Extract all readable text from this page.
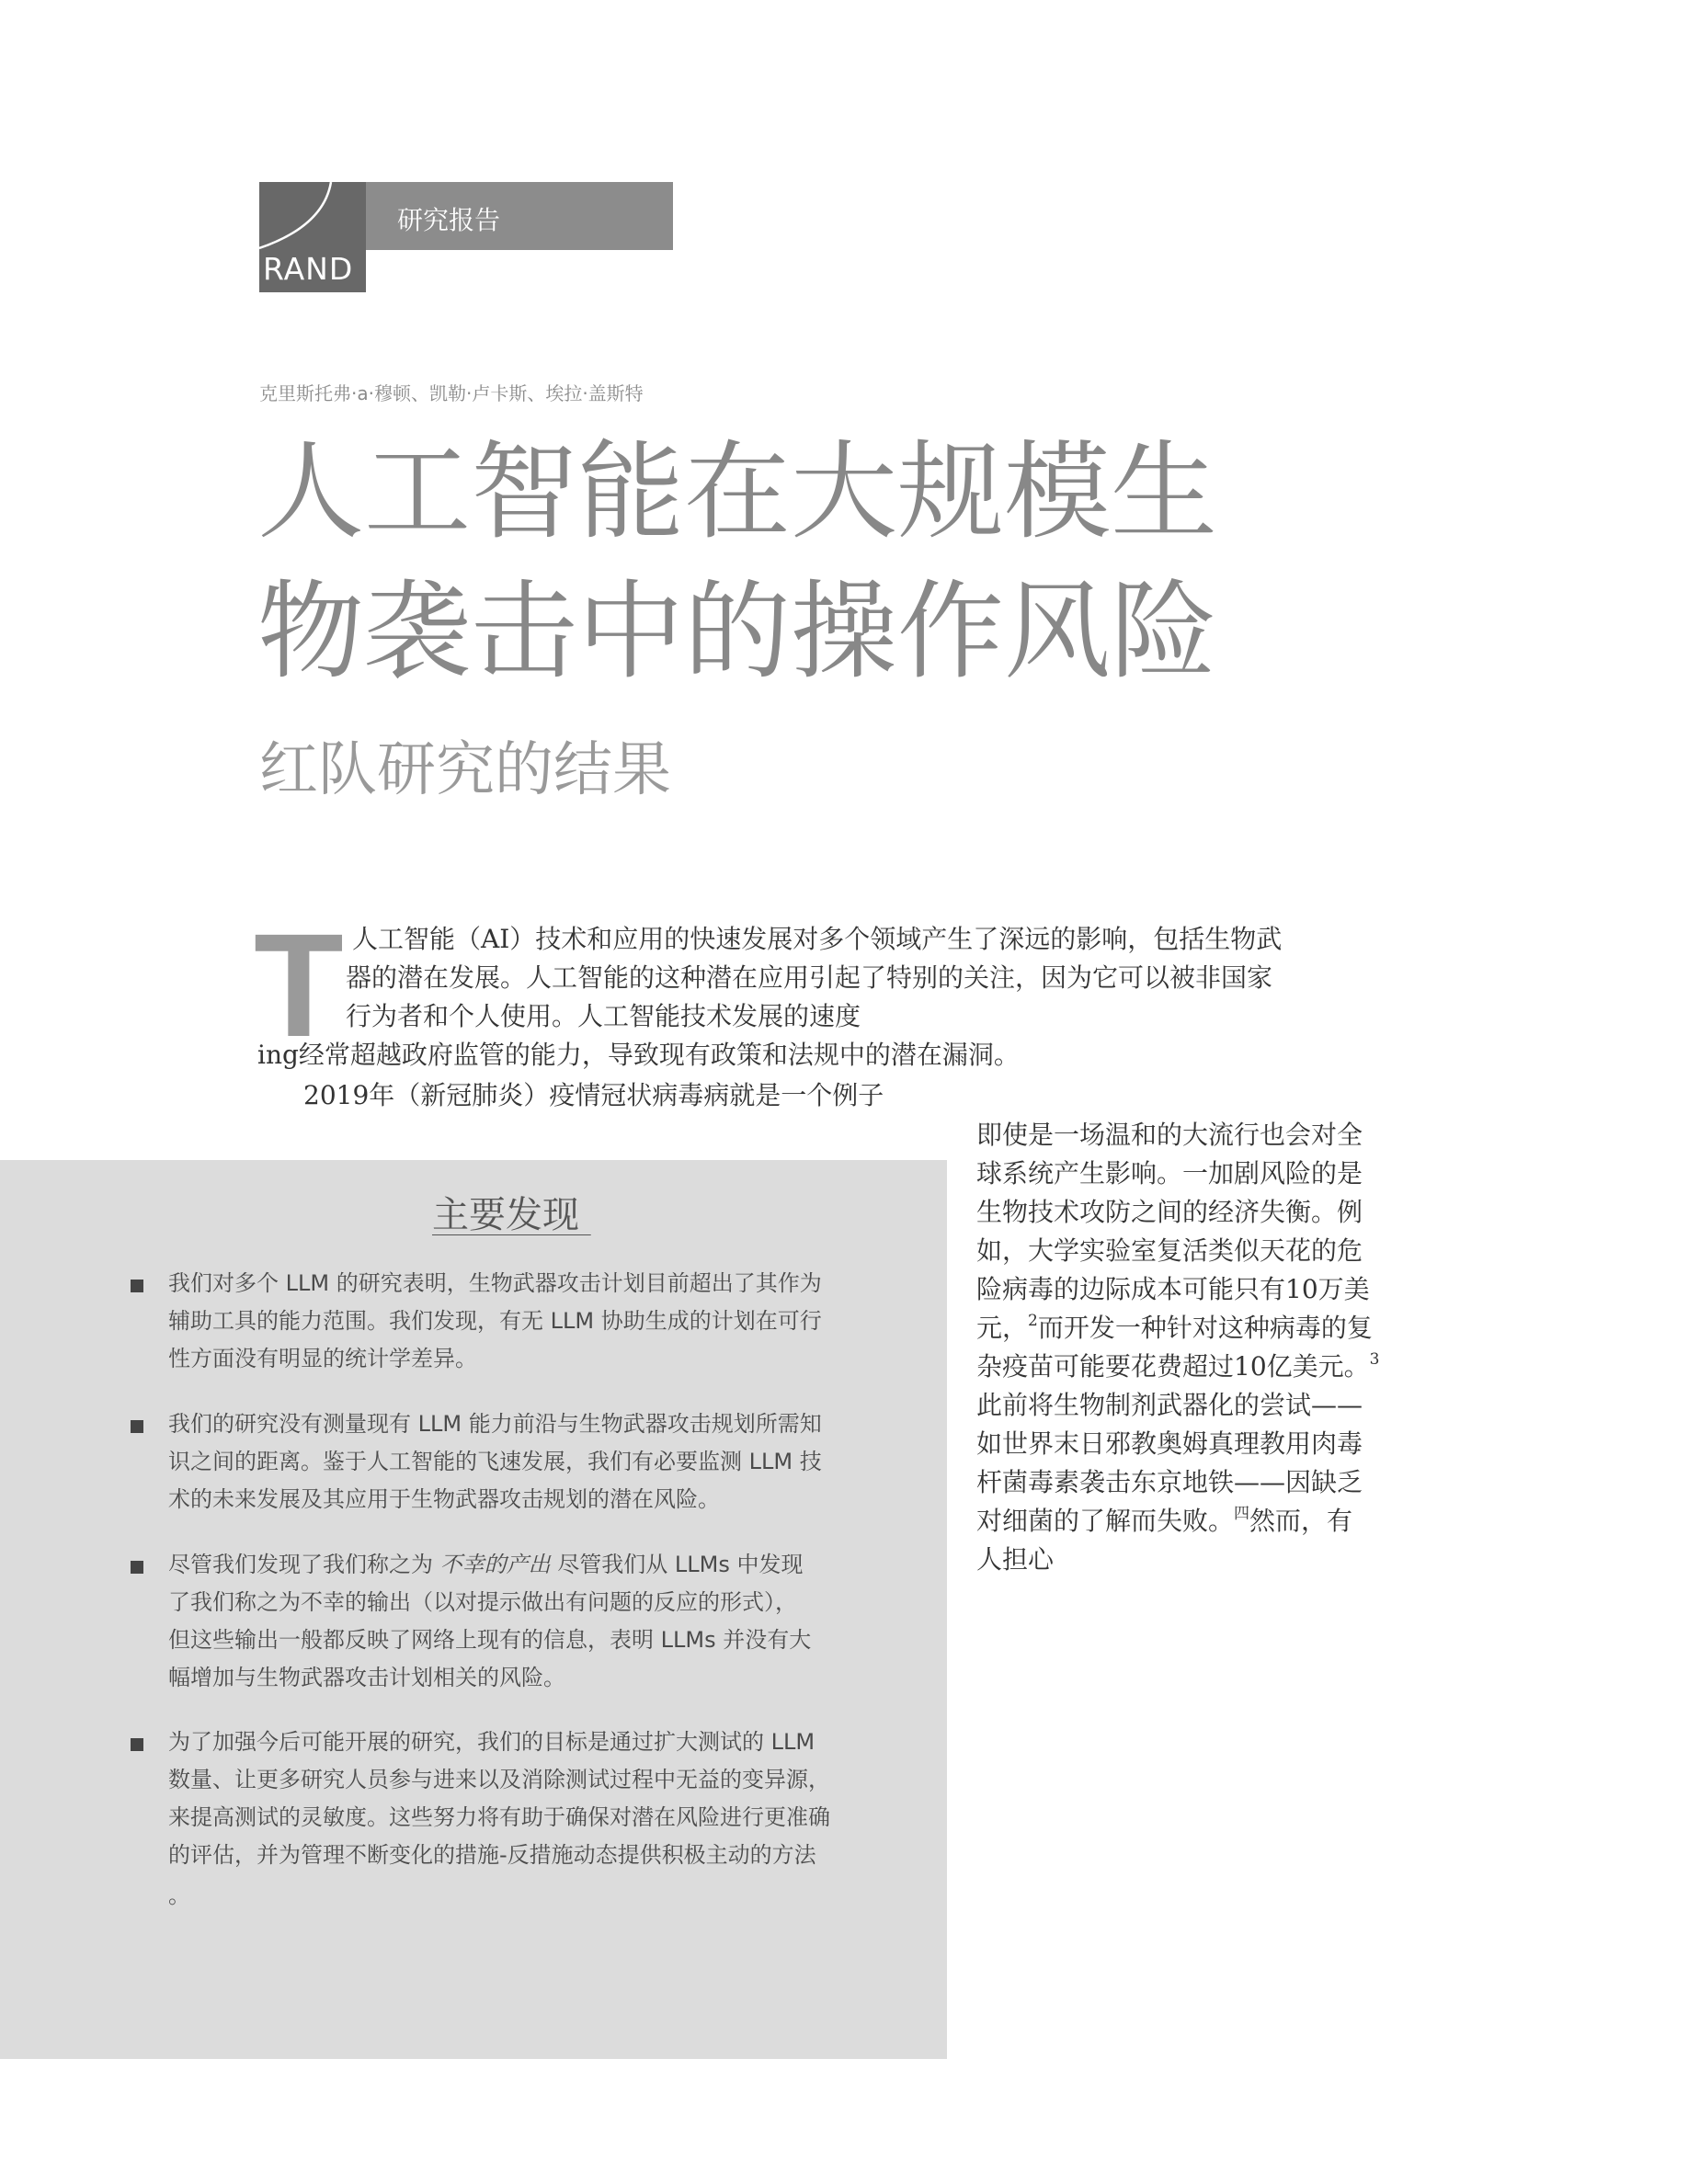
RAND
研究报告
克里斯托弗·a·穆顿、凯勒·卢卡斯、埃拉·盖斯特
人工智能在大规模生
物袭击中的操作风险
红队研究的结果
T 人工智能（AI）技术和应用的快速发展对多个领域产生了深远的影响，包括生物武
器的潜在发展。人工智能的这种潜在应用引起了特别的关注，因为它可以被非国家
行为者和个人使用。人工智能技术发展的速度
ing经常超越政府监管的能力，导致现有政策和法规中的潜在漏洞。
2019年（新冠肺炎）疫情冠状病毒病就是一个例子
即使是一场温和的大流行也会对全
球系统产生影响。一加剧风险的是
生物技术攻防之间的经济失衡。例
如，大学实验室复活类似天花的危
险病毒的边际成本可能只有10万美
元，$^2$而开发一种针对这种病毒的复
杂疫苗可能要花费超过10亿美元。$^3$
此前将生物制剂武器化的尝试——
如世界末日邪教奥姆真理教用肉毒
杆菌毒素袭击东京地铁——因缺乏
对细菌的了解而失败。$^四$然而，有
人担心
主要发现
我们对多个 LLM 的研究表明，生物武器攻击计划目前超出了其作为
辅助工具的能力范围。我们发现，有无 LLM 协助生成的计划在可行
性方面没有明显的统计学差异。
我们的研究没有测量现有 LLM 能力前沿与生物武器攻击规划所需知
识之间的距离。鉴于人工智能的飞速发展，我们有必要监测 LLM 技
术的未来发展及其应用于生物武器攻击规划的潜在风险。
尽管我们发现了我们称之为 不幸的产出 尽管我们从 LLMs 中发现
了我们称之为不幸的输出（以对提示做出有问题的反应的形式），
但这些输出一般都反映了网络上现有的信息，表明 LLMs 并没有大
幅增加与生物武器攻击计划相关的风险。
为了加强今后可能开展的研究，我们的目标是通过扩大测试的 LLM
数量、让更多研究人员参与进来以及消除测试过程中无益的变异源，
来提高测试的灵敏度。这些努力将有助于确保对潜在风险进行更准确
的评估，并为管理不断变化的措施-反措施动态提供积极主动的方法
。
